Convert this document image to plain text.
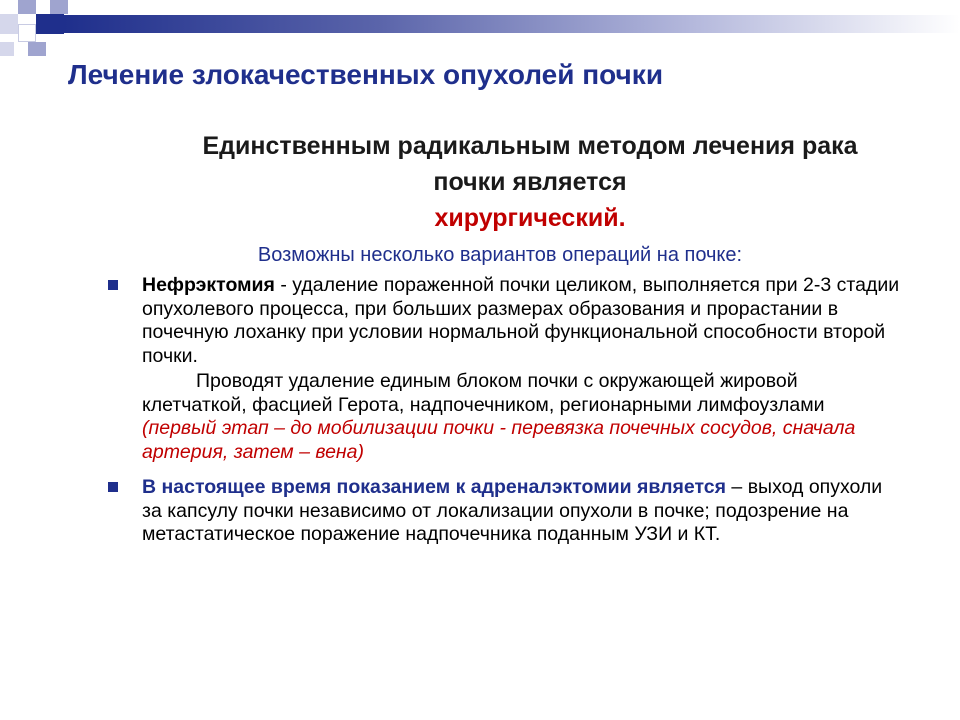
Лечение злокачественных опухолей почки
Единственным радикальным методом лечения рака почки является
хирургический.
Возможны несколько вариантов операций на почке:
Нефрэктомия - удаление пораженной почки целиком, выполняется при 2-3 стадии опухолевого процесса, при больших размерах образования и прорастании в почечную лоханку при условии нормальной функциональной способности второй почки.
Проводят удаление единым блоком почки с окружающей жировой клетчаткой, фасцией Герота, надпочечником, регионарными лимфоузлами (первый этап – до мобилизации почки - перевязка почечных сосудов, сначала артерия, затем – вена)
В настоящее время показанием к адреналэктомии является – выход опухоли за капсулу почки независимо от локализации опухоли в почке; подозрение на метастатическое поражение надпочечника поданным УЗИ и КТ.
